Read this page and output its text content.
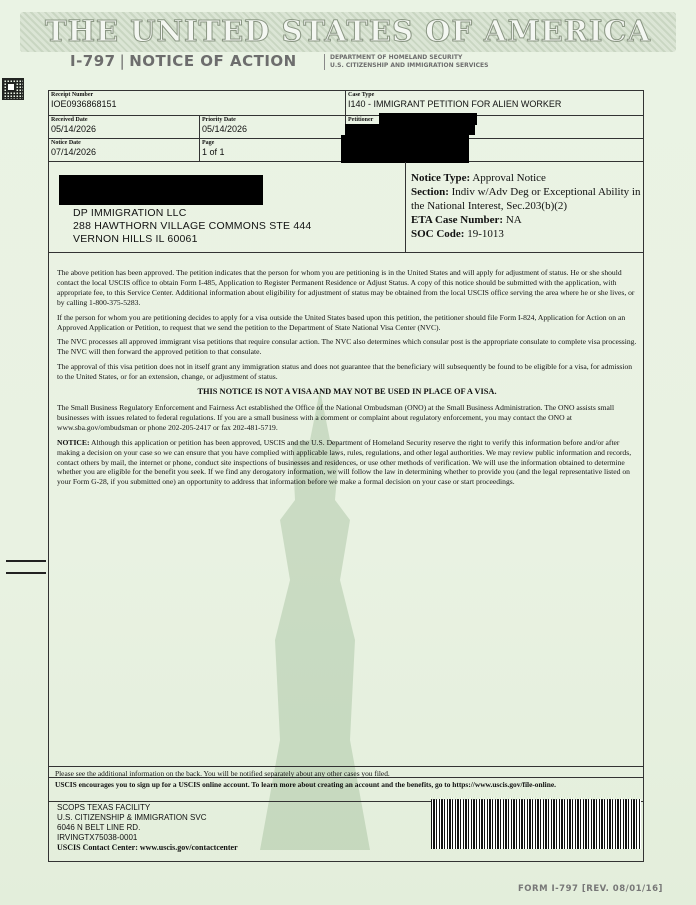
THE UNITED STATES OF AMERICA
I-797 | NOTICE OF ACTION	DEPARTMENT OF HOMELAND SECURITY
U.S. CITIZENSHIP AND IMMIGRATION SERVICES
Receipt Number
IOE0936868151
Case Type
I140 - IMMIGRANT PETITION FOR ALIEN WORKER
Received Date
05/14/2026
Priority Date
05/14/2026
Petitioner
Notice Date
07/14/2026
Page
1 of 1
DP IMMIGRATION LLC
288 HAWTHORN VILLAGE COMMONS STE 444
VERNON HILLS IL 60061
Notice Type: Approval Notice
Section: Indiv w/Adv Deg or Exceptional Ability in the National Interest, Sec.203(b)(2)
ETA Case Number: NA
SOC Code: 19-1013

The above petition has been approved. The petition indicates that the person for whom you are petitioning is in the United States and will apply for adjustment of status. He or she should contact the local USCIS office to obtain Form I-485, Application to Register Permanent Residence or Adjust Status. A copy of this notice should be submitted with the application, with appropriate fee, to this Service Center. Additional information about eligibility for adjustment of status may be obtained from the local USCIS office serving the area where he or she lives, or by calling 1-800-375-5283.

If the person for whom you are petitioning decides to apply for a visa outside the United States based upon this petition, the petitioner should file Form I-824, Application for Action on an Approved Application or Petition, to request that we send the petition to the Department of State National Visa Center (NVC).

The NVC processes all approved immigrant visa petitions that require consular action. The NVC also determines which consular post is the appropriate consulate to complete visa processing. The NVC will then forward the approved petition to that consulate.

The approval of this visa petition does not in itself grant any immigration status and does not guarantee that the beneficiary will subsequently be found to be eligible for a visa, for admission to the United States, or for an extension, change, or adjustment of status.

THIS NOTICE IS NOT A VISA AND MAY NOT BE USED IN PLACE OF A VISA.

The Small Business Regulatory Enforcement and Fairness Act established the Office of the National Ombudsman (ONO) at the Small Business Administration. The ONO assists small businesses with issues related to federal regulations. If you are a small business with a comment or complaint about regulatory enforcement, you may contact the ONO at www.sba.gov/ombudsman or phone 202-205-2417 or fax 202-481-5719.

NOTICE: Although this application or petition has been approved, USCIS and the U.S. Department of Homeland Security reserve the right to verify this information before and/or after making a decision on your case so we can ensure that you have complied with applicable laws, rules, regulations, and other legal authorities. We may review public information and records, contact others by mail, the internet or phone, conduct site inspections of businesses and residences, or use other methods of verification. We will use the information obtained to determine whether you are eligible for the benefit you seek. If we find any derogatory information, we will follow the law in determining whether to provide you (and the legal representative listed on your Form G-28, if you submitted one) an opportunity to address that information before we make a formal decision on your case or start proceedings.

Please see the additional information on the back. You will be notified separately about any other cases you filed.
USCIS encourages you to sign up for a USCIS online account. To learn more about creating an account and the benefits, go to https://www.uscis.gov/file-online.
SCOPS TEXAS FACILITY
U.S. CITIZENSHIP & IMMIGRATION SVC
6046 N BELT LINE RD.
IRVINGTX75038-0001
USCIS Contact Center: www.uscis.gov/contactcenter
FORM I-797 [REV. 08/01/16]
